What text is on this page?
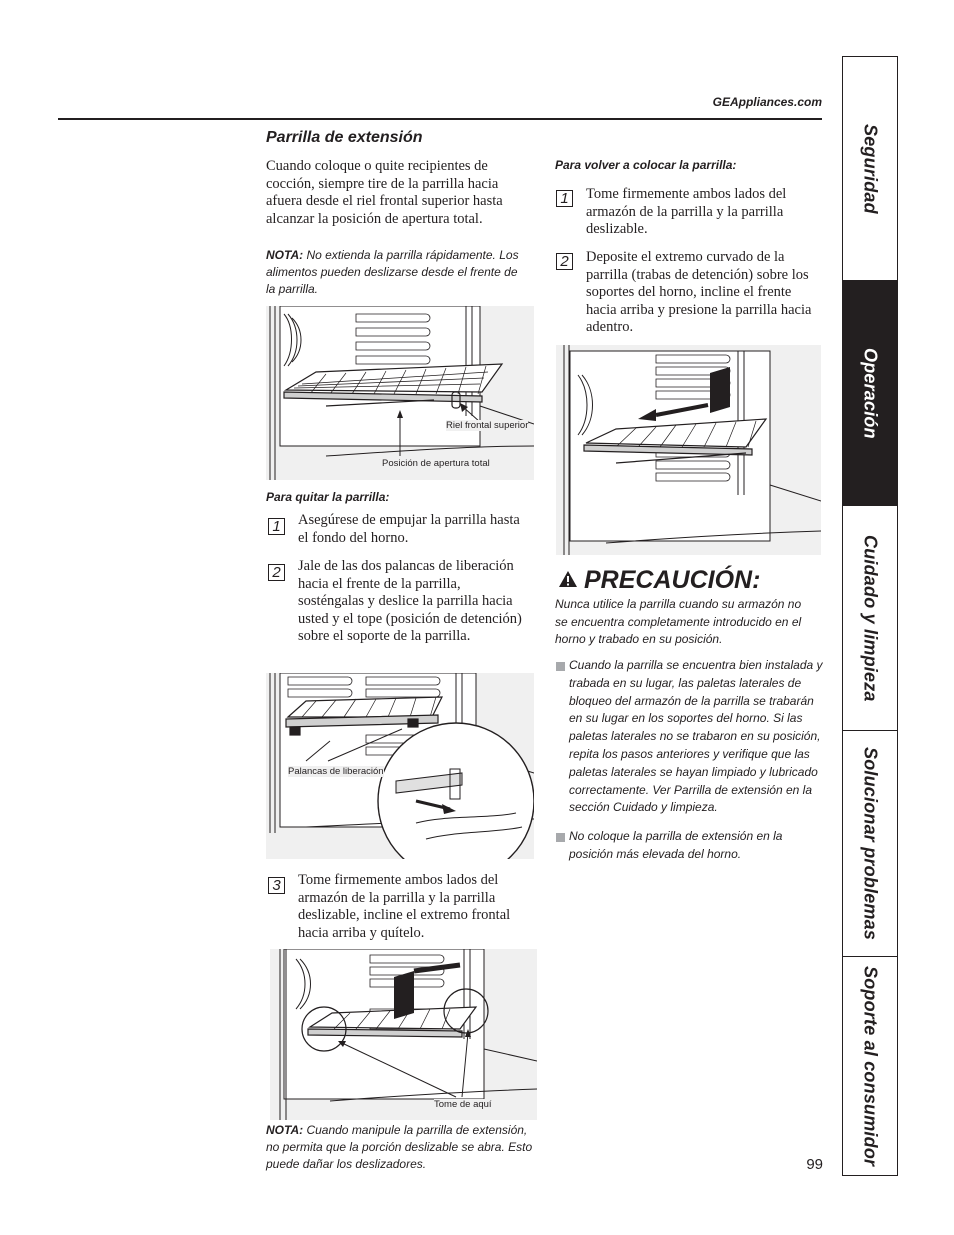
GEAppliances.com
Parrilla de extensión
Cuando coloque o quite recipientes de cocción, siempre tire de la parrilla hacia afuera desde el riel frontal superior hasta alcanzar la posición de apertura total.
NOTA: No extienda la parrilla rápidamente. Los alimentos pueden deslizarse desde el frente de la parrilla.
Riel frontal superior
Posición de apertura total
Para quitar la parrilla:
1 Asegúrese de empujar la parrilla hasta el fondo del horno.
2 Jale de las dos palancas de liberación hacia el frente de la parrilla, sosténgalas y deslice la parrilla hacia usted y el tope (posición de detención) sobre el soporte de la parrilla.
Palancas de liberación
3 Tome firmemente ambos lados del armazón de la parrilla y la parrilla deslizable, incline el extremo frontal hacia arriba y quítelo.
Tome de aquí
NOTA: Cuando manipule la parrilla de extensión, no permita que la porción deslizable se abra. Esto puede dañar los deslizadores.
Para volver a colocar la parrilla:
1 Tome firmemente ambos lados del armazón de la parrilla y la parrilla deslizable.
2 Deposite el extremo curvado de la parrilla (trabas de detención) sobre los soportes del horno, incline el frente hacia arriba y presione la parrilla hacia adentro.
PRECAUCIÓN:
Nunca utilice la parrilla cuando su armazón no se encuentra completamente introducido en el horno y trabado en su posición.
Cuando la parrilla se encuentra bien instalada y trabada en su lugar, las paletas laterales de bloqueo del armazón de la parrilla se trabarán en su lugar en los soportes del horno. Si las paletas laterales no se trabaron en su posición, repita los pasos anteriores y verifique que las paletas laterales se hayan limpiado y lubricado correctamente. Ver Parrilla de extensión en la sección Cuidado y limpieza.
No coloque la parrilla de extensión en la posición más elevada del horno.
99
Seguridad
Operación
Cuidado y limpieza
Solucionar problemas
Soporte al consumidor
